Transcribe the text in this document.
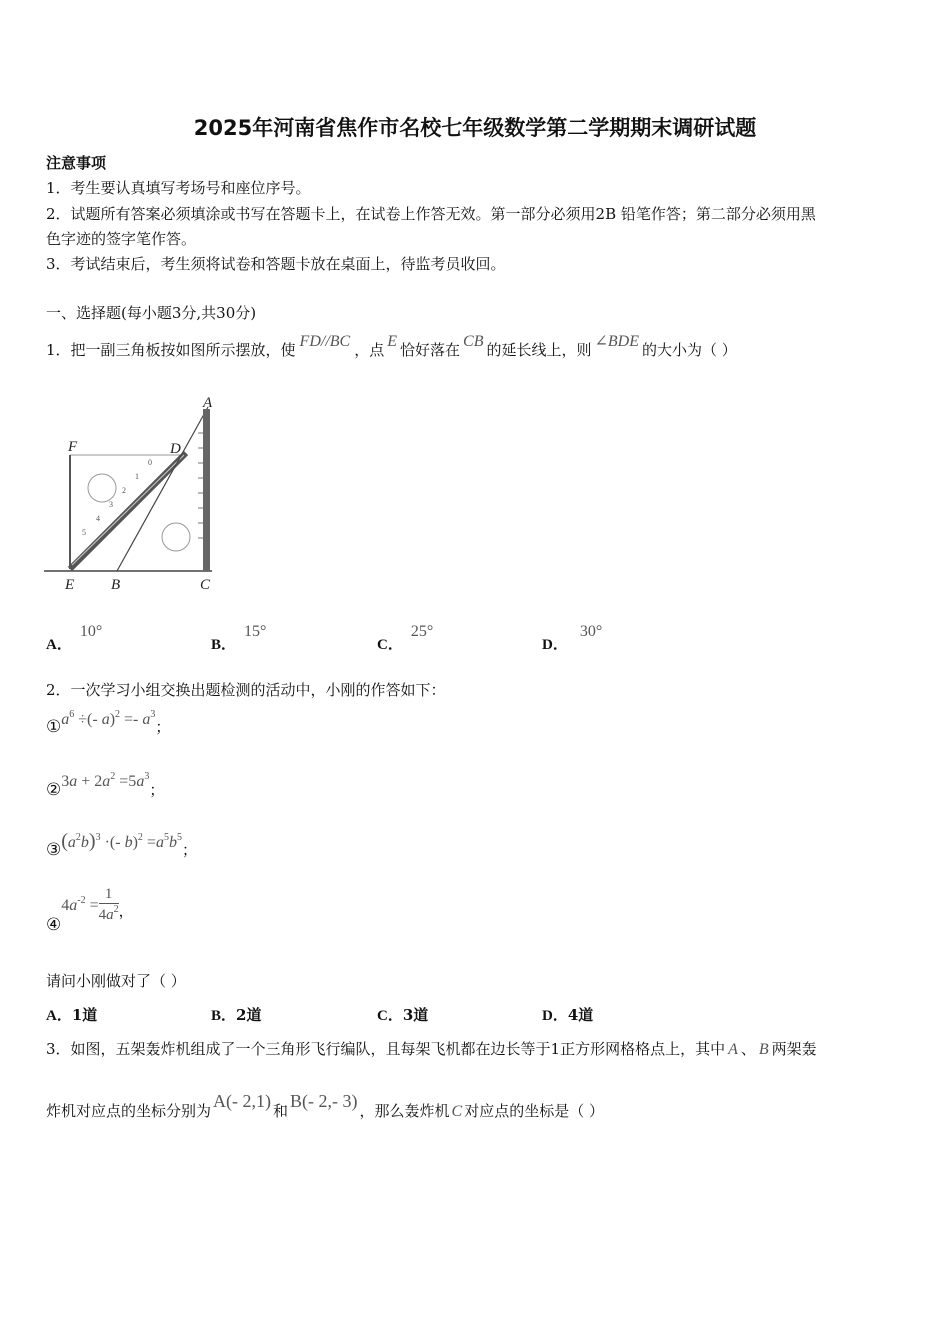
2025年河南省焦作市名校七年级数学第二学期期末调研试题
注意事项
1．考生要认真填写考场号和座位序号。
2．试题所有答案必须填涂或书写在答题卡上，在试卷上作答无效。第一部分必须用2B 铅笔作答；第二部分必须用黑
色字迹的签字笔作答。
3．考试结束后，考生须将试卷和答题卡放在桌面上，待监考员收回。
一、选择题(每小题3分,共30分)
1．把一副三角板按如图所示摆放，使 FD//BC ，点 E 恰好落在 CB 的延长线上，则 ∠BDE 的大小为（ ）
0
1
2
3
4
5
A
F	D
E B	C
A．10°
B．15°
C．25°
D．30°
2．一次学习小组交换出题检测的活动中，小刚的作答如下：
$①a^6$ ÷(- $a)^2 =- a^3$；
②3a + $2a^2 =5a^3$；
$③(a^2b)^3$ ·(- $b)^2 =a^5b^5$；
$④4a^{-2} = \frac{1}{4a^2}$ ，
请问小刚做对了（ ）
A．1道	B．2道	C．3道	D．4道
3．如图，五架轰炸机组成了一个三角形飞行编队，且每架飞机都在边长等于1正方形网格格点上，其中 A 、 B 两架轰
炸机对应点的坐标分别为 A(- 2,1) 和 B(- 2,- 3) ，那么轰炸机 C 对应点的坐标是（ ）
